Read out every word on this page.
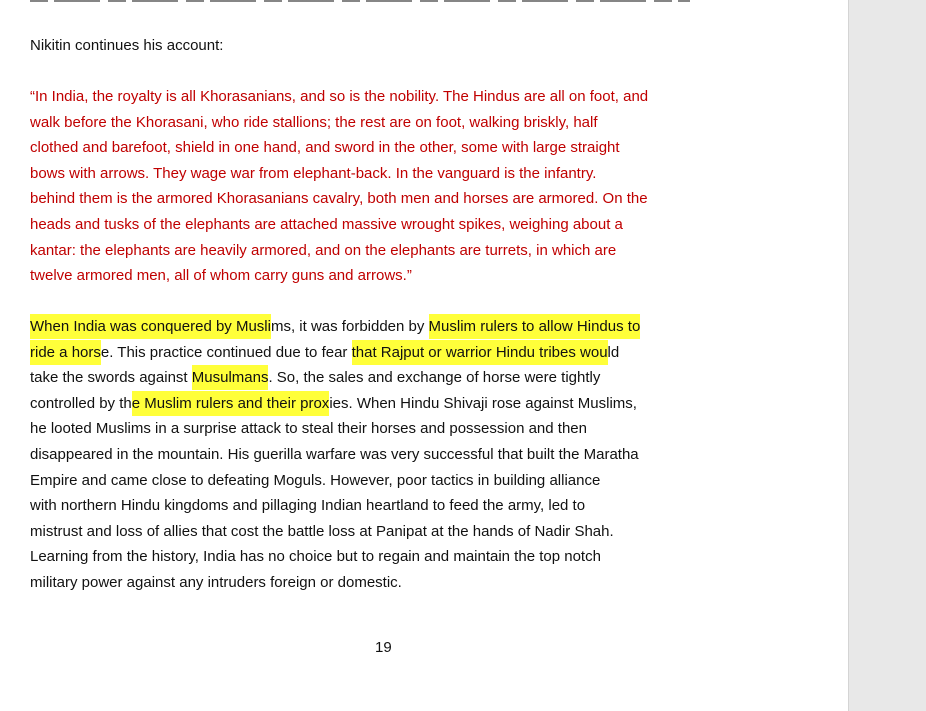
Nikitin continues his account:
“In India, the royalty is all Khorasanians, and so is the nobility. The Hindus are all on foot, and
walk before the Khorasani, who ride stallions; the rest are on foot, walking briskly, half
clothed and barefoot, shield in one hand, and sword in the other, some with large straight
bows with arrows. They wage war from elephant-back. In the vanguard is the infantry.
behind them is the armored Khorasanians cavalry, both men and horses are armored. On the
heads and tusks of the elephants are attached massive wrought spikes, weighing about a
kantar: the elephants are heavily armored, and on the elephants are turrets, in which are
twelve armored men, all of whom carry guns and arrows.”
When India was conquered by Muslims, it was forbidden by Muslim rulers to allow Hindus to
ride a horse. This practice continued due to fear that Rajput or warrior Hindu tribes would
take the swords against Musulmans. So, the sales and exchange of horse were tightly
controlled by the Muslim rulers and their proxies. When Hindu Shivaji rose against Muslims,
he looted Muslims in a surprise attack to steal their horses and possession and then
disappeared in the mountain. His guerilla warfare was very successful that built the Maratha
Empire and came close to defeating Moguls. However, poor tactics in building alliance
with northern Hindu kingdoms and pillaging Indian heartland to feed the army, led to
mistrust and loss of allies that cost the battle loss at Panipat at the hands of Nadir Shah.
Learning from the history, India has no choice but to regain and maintain the top notch
military power against any intruders foreign or domestic.
19
